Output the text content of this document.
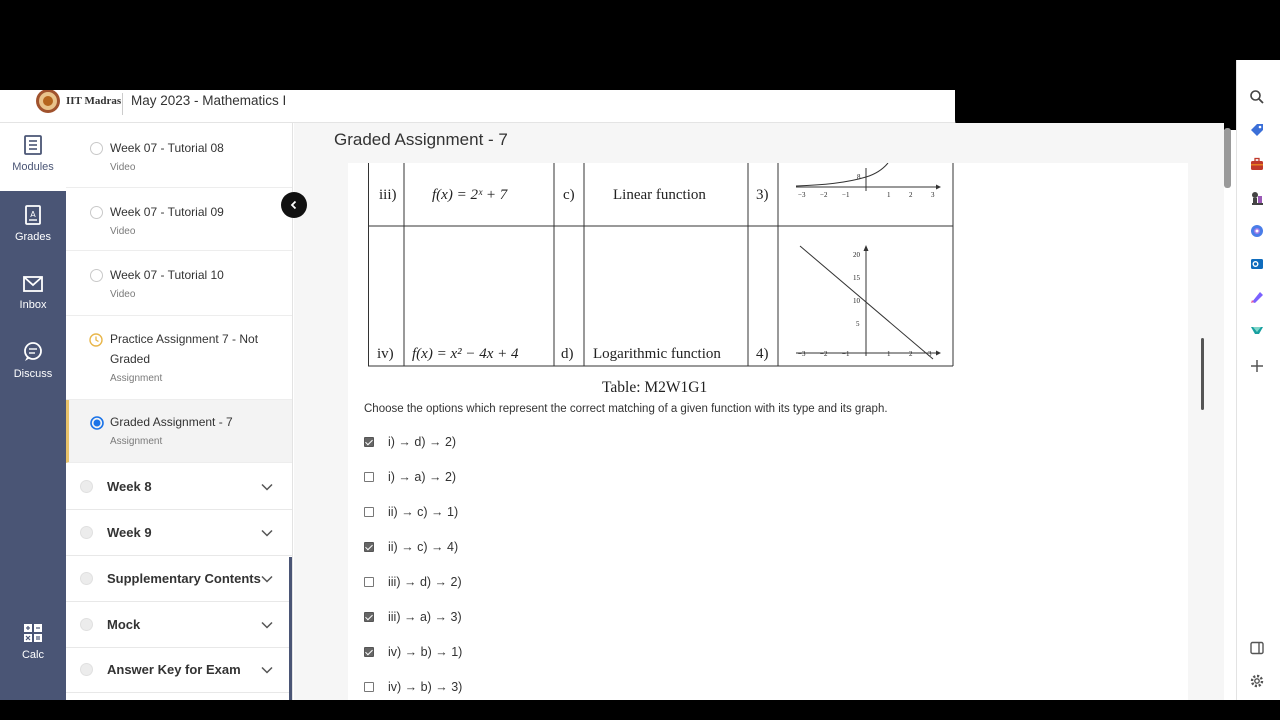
IIT Madras May 2023 - Mathematics I
Modules
A
Grades
Inbox
Discuss
Calc
Week 07 - Tutorial 08
Video
Week 07 - Tutorial 09
Video
Week 07 - Tutorial 10
Video
Practice Assignment 7 - Not Graded
Assignment
Graded Assignment - 7
Assignment
Week 8
Week 9
Supplementary Contents
Mock
Answer Key for Exam
Graded Assignment - 7
iii) f(x) = 2ˣ + 7	c)	Linear function	3)	−3 −2 −1	1	2	3
8
20
15
10
5
−3 −2 −1	1	2 3
iv) f(x) = x² − 4x + 4	d) Logarithmic function 4)
Table: M2W1G1
Choose the options which represent the correct matching of a given function with its type and its graph.
i) → d) → 2)
i) → a) → 2)
ii) → c) → 1)
ii) → c) → 4)
iii) → d) → 2)
iii) → a) → 3)
iv) → b) → 1)
iv) → b) → 3)
